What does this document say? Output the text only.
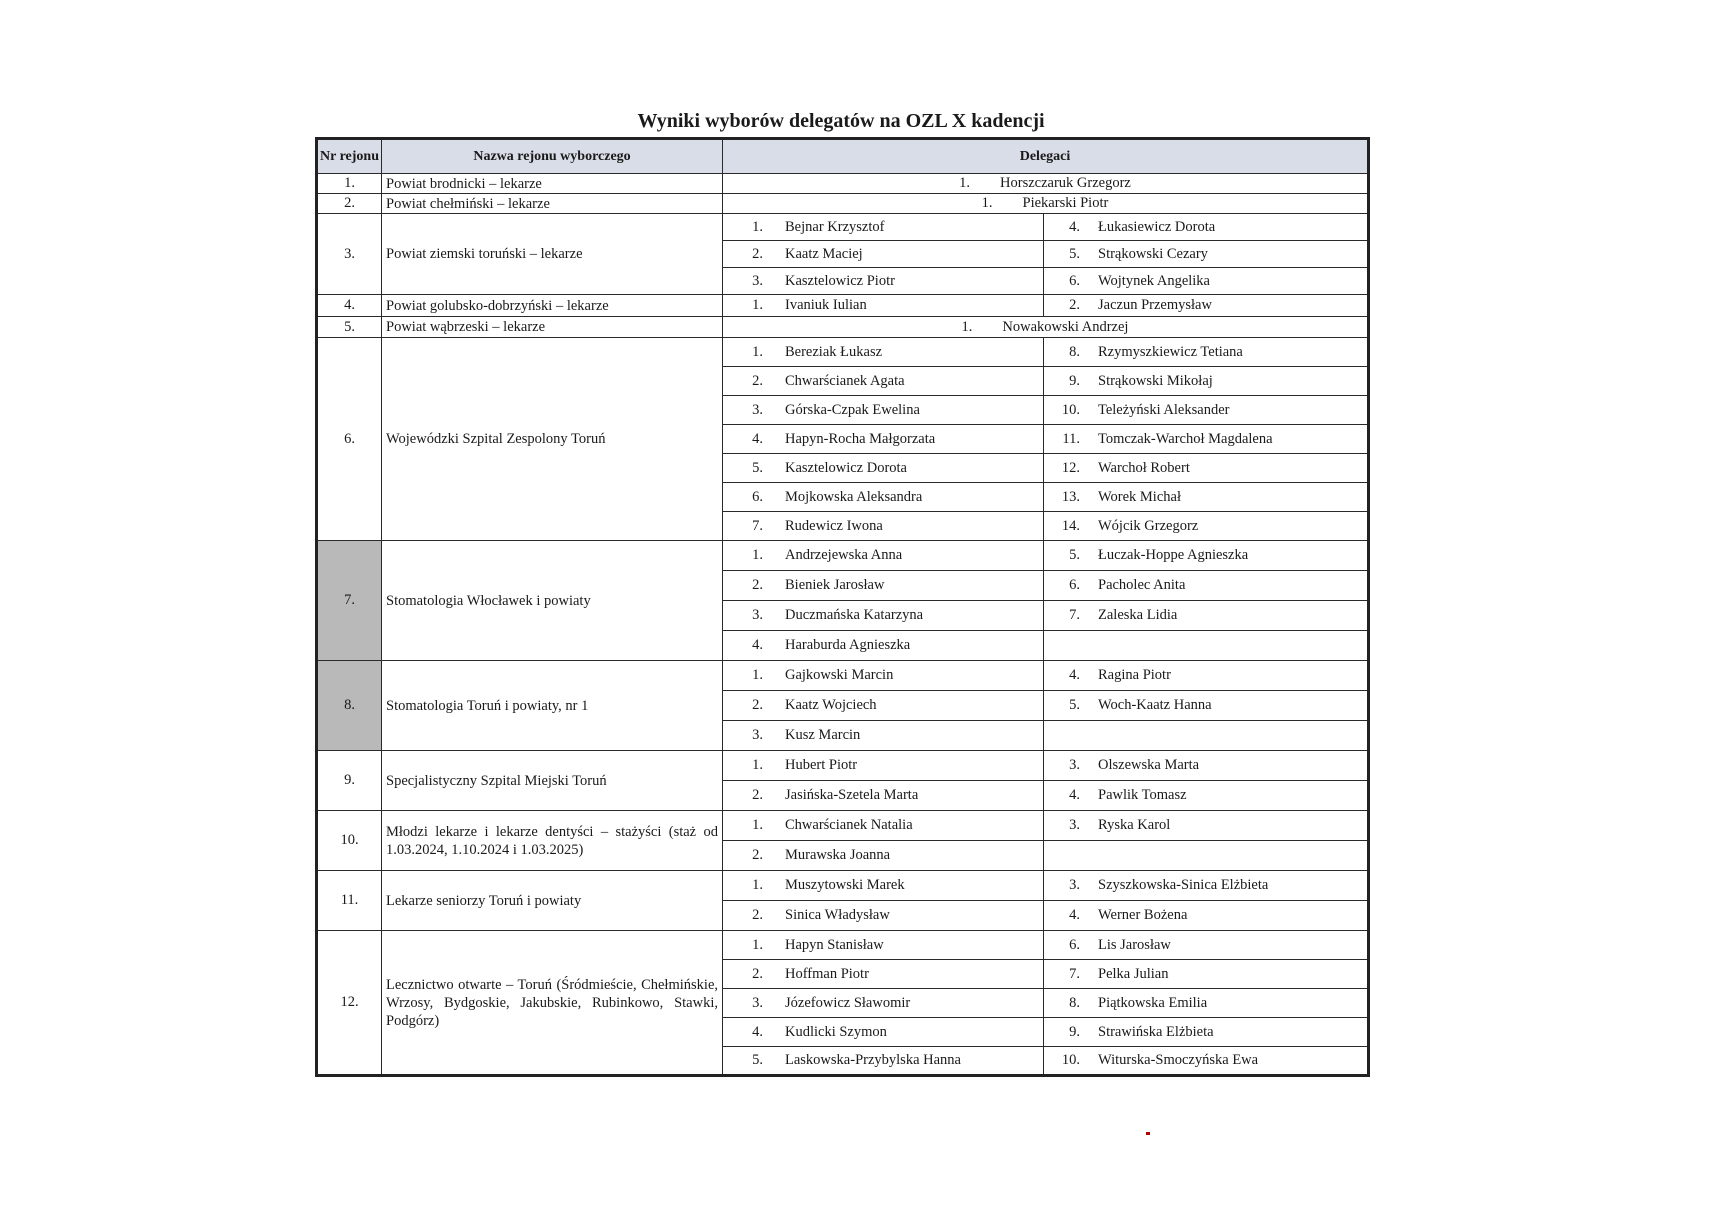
Wyniki wyborów delegatów na OZL X kadencji
Nr rejonu	Nazwa rejonu wyborczego	Delegaci	
1.	Powiat brodnicki – lekarze	1. Horszczaruk Grzegorz	
2.	Powiat chełmiński – lekarze	1. Piekarski Piotr	
3.	Powiat ziemski toruński – lekarze	1. Bejnar Krzysztof	4. Łukasiewicz Dorota
		2. Kaatz Maciej	5. Strąkowski Cezary
		3. Kasztelowicz Piotr	6. Wojtynek Angelika
4.	Powiat golubsko-dobrzyński – lekarze	1. Ivaniuk Iulian	2. Jaczun Przemysław
5.	Powiat wąbrzeski – lekarze	1. Nowakowski Andrzej	
6.	Wojewódzki Szpital Zespolony Toruń	1. Bereziak Łukasz	8. Rzymyszkiewicz Tetiana
		2. Chwarścianek Agata	9. Strąkowski Mikołaj
		3. Górska-Czpak Ewelina	10. Teleżyński Aleksander
		4. Hapyn-Rocha Małgorzata	11. Tomczak-Warchoł Magdalena
		5. Kasztelowicz Dorota	12. Warchoł Robert
		6. Mojkowska Aleksandra	13. Worek Michał
		7. Rudewicz Iwona	14. Wójcik Grzegorz
7.	Stomatologia Włocławek i powiaty	1. Andrzejewska Anna	5. Łuczak-Hoppe Agnieszka
		2. Bieniek Jarosław	6. Pacholec Anita
		3. Duczmańska Katarzyna	7. Zaleska Lidia
		4. Haraburda Agnieszka	
8.	Stomatologia Toruń i powiaty, nr 1	1. Gajkowski Marcin	4. Ragina Piotr
		2. Kaatz Wojciech	5. Woch-Kaatz Hanna
		3. Kusz Marcin	
9.	Specjalistyczny Szpital Miejski Toruń	1. Hubert Piotr	3. Olszewska Marta
		2. Jasińska-Szetela Marta	4. Pawlik Tomasz
10.	Młodzi lekarze i lekarze dentyści – stażyści (staż od 1.03.2024, 1.10.2024 i 1.03.2025)	1. Chwarścianek Natalia	3. Ryska Karol
		2. Murawska Joanna	
11.	Lekarze seniorzy Toruń i powiaty	1. Muszytowski Marek	3. Szyszkowska-Sinica Elżbieta
		2. Sinica Władysław	4. Werner Bożena
12.	Lecznictwo otwarte – Toruń (Śródmieście, Chełmińskie, Wrzosy, Bydgoskie, Jakubskie, Rubinkowo, Stawki, Podgórz)	1. Hapyn Stanisław	6. Lis Jarosław
		2. Hoffman Piotr	7. Pelka Julian
		3. Józefowicz Sławomir	8. Piątkowska Emilia
		4. Kudlicki Szymon	9. Strawińska Elżbieta
		5. Laskowska-Przybylska Hanna	10. Witurska-Smoczyńska Ewa
